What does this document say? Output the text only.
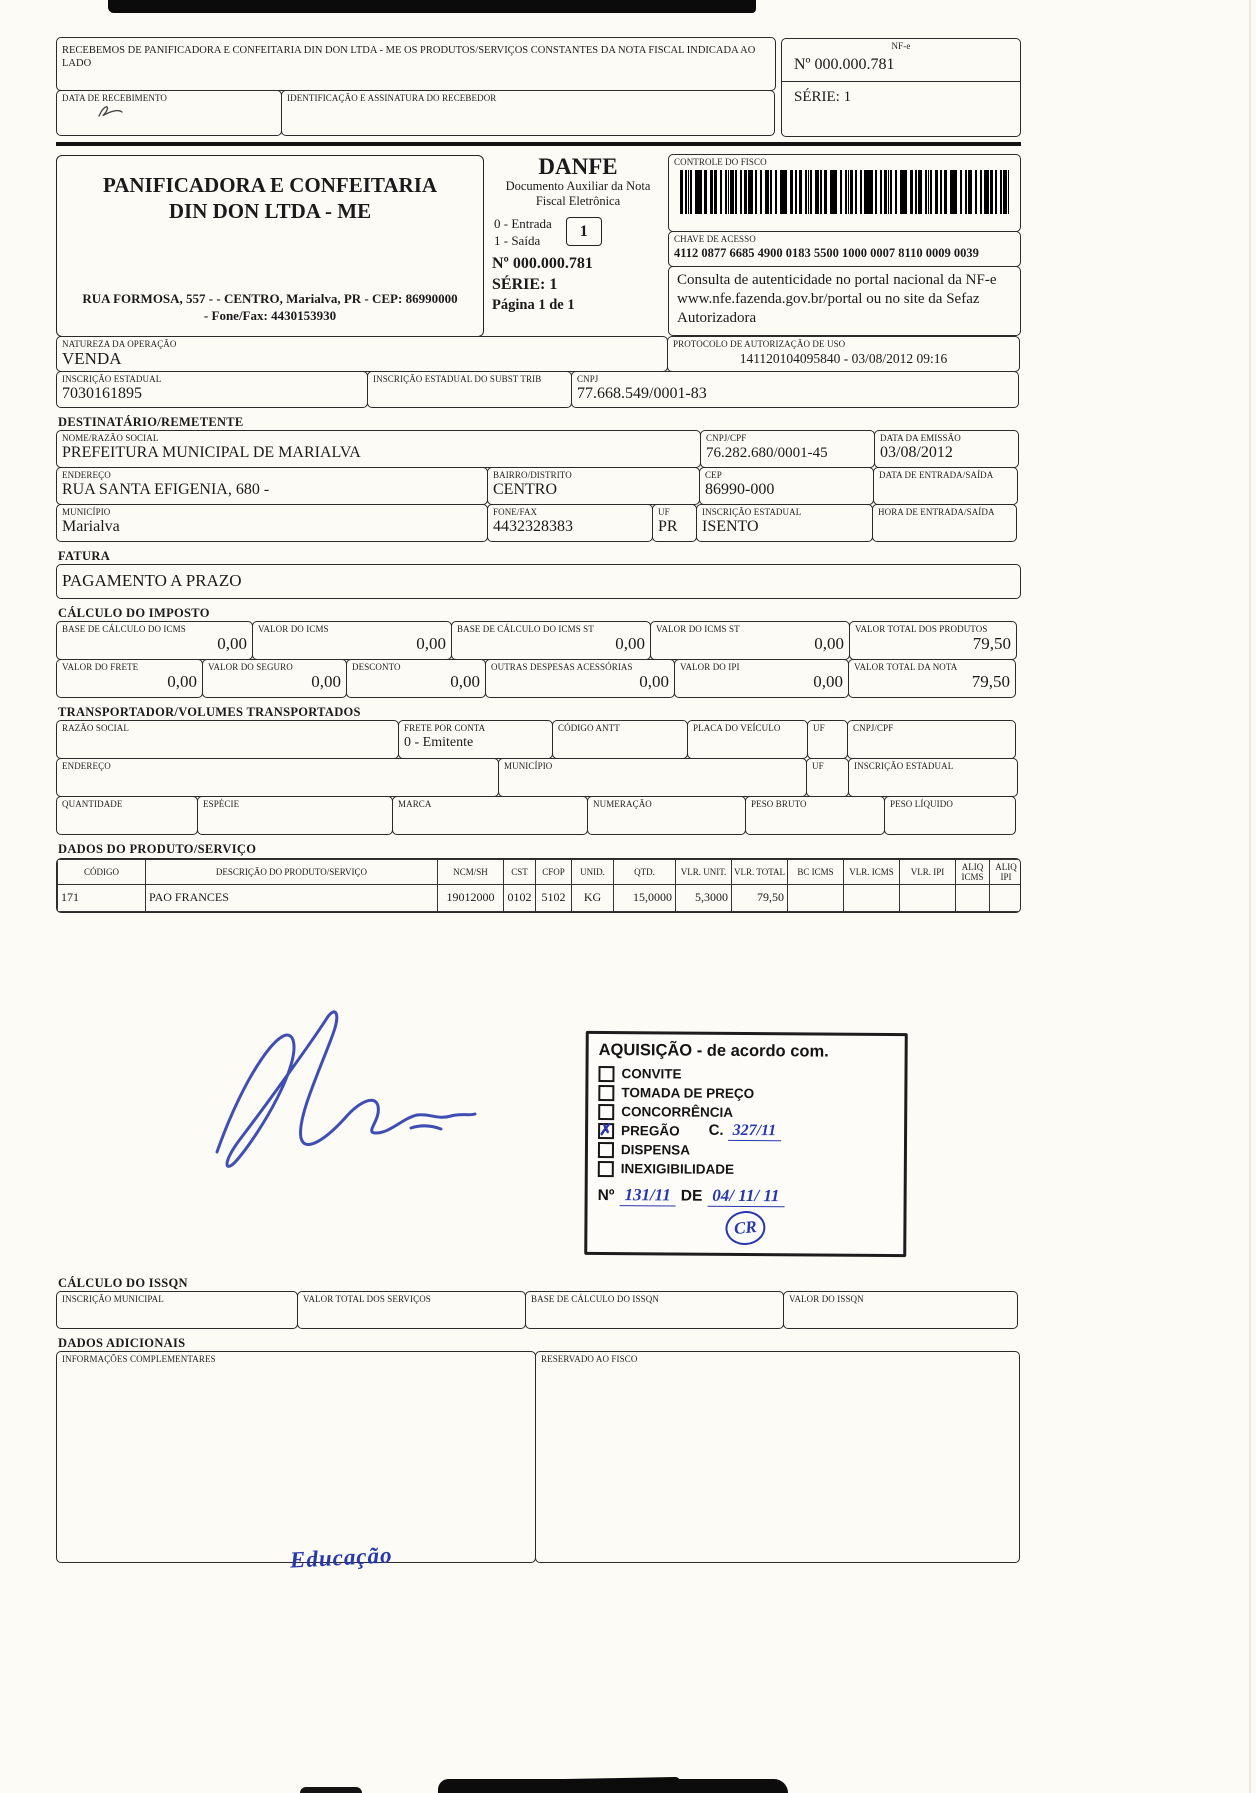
RECEBEMOS DE PANIFICADORA E CONFEITARIA DIN DON LTDA - ME OS PRODUTOS/SERVIÇOS CONSTANTES DA NOTA FISCAL INDICADA AO LADO
DATA DE RECEBIMENTO	IDENTIFICAÇÃO E ASSINATURA DO RECEBEDOR
NF-e
Nº 000.000.781
SÉRIE: 1
PANIFICADORA E CONFEITARIA DIN DON LTDA - ME
RUA FORMOSA, 557 - - CENTRO, Marialva, PR - CEP: 86990000
- Fone/Fax: 4430153930
DANFE
Documento Auxiliar da Nota Fiscal Eletrônica
0 - Entrada
1 - Saída
1
Nº 000.000.781
SÉRIE: 1
Página 1 de 1
CONTROLE DO FISCO
CHAVE DE ACESSO
4112 0877 6685 4900 0183 5500 1000 0007 8110 0009 0039
Consulta de autenticidade no portal nacional da NF-e www.nfe.fazenda.gov.br/portal ou no site da Sefaz Autorizadora
NATUREZA DA OPERAÇÃO
VENDA
PROTOCOLO DE AUTORIZAÇÃO DE USO
141120104095840 - 03/08/2012 09:16
INSCRIÇÃO ESTADUAL
7030161895
INSCRIÇÃO ESTADUAL DO SUBST TRIB	CNPJ
77.668.549/0001-83
DESTINATÁRIO/REMETENTE
NOME/RAZÃO SOCIAL
PREFEITURA MUNICIPAL DE MARIALVA
CNPJ/CPF
76.282.680/0001-45
DATA DA EMISSÃO
03/08/2012
ENDEREÇO
RUA SANTA EFIGENIA, 680 -
BAIRRO/DISTRITO
CENTRO
CEP
86990-000
DATA DE ENTRADA/SAÍDA
MUNICÍPIO
Marialva
FONE/FAX
4432328383
UF
PR
INSCRIÇÃO ESTADUAL
ISENTO
HORA DE ENTRADA/SAÍDA
FATURA
PAGAMENTO A PRAZO
CÁLCULO DO IMPOSTO
BASE DE CÁLCULO DO ICMS
0,00
VALOR DO ICMS
0,00
BASE DE CÁLCULO DO ICMS ST
0,00
VALOR DO ICMS ST
0,00
VALOR TOTAL DOS PRODUTOS
79,50
VALOR DO FRETE
0,00
VALOR DO SEGURO
0,00
DESCONTO
0,00
OUTRAS DESPESAS ACESSÓRIAS
0,00
VALOR DO IPI
0,00
VALOR TOTAL DA NOTA
79,50
TRANSPORTADOR/VOLUMES TRANSPORTADOS
RAZÃO SOCIAL	FRETE POR CONTA
0 - Emitente
CÓDIGO ANTT	PLACA DO VEÍCULO	UF	CNPJ/CPF
ENDEREÇO	MUNICÍPIO	UF	INSCRIÇÃO ESTADUAL
QUANTIDADE	ESPÉCIE	MARCA	NUMERAÇÃO	PESO BRUTO	PESO LÍQUIDO
DADOS DO PRODUTO/SERVIÇO
CÓDIGO	DESCRIÇÃO DO PRODUTO/SERVIÇO	NCM/SH	CST	CFOP	UNID.	QTD.	VLR. UNIT.	VLR. TOTAL	BC ICMS	VLR. ICMS	VLR. IPI	ALIQ ICMS	ALIQ IPI
171	PAO FRANCES	19012000	0102	5102	KG	15,0000	5,3000	79,50					
CÁLCULO DO ISSQN
INSCRIÇÃO MUNICIPAL	VALOR TOTAL DOS SERVIÇOS	BASE DE CÁLCULO DO ISSQN	VALOR DO ISSQN
DADOS ADICIONAIS
INFORMAÇÕES COMPLEMENTARES	RESERVADO AO FISCO
AQUISIÇÃO - de acordo com.
CONVITE
TOMADA DE PREÇO
CONCORRÊNCIA
✗
PREGÃO C. 327/11
DISPENSA
INEXIGIBILIDADE
Nº 131/11 DE 04/ 11/ 11
CR
Educação
